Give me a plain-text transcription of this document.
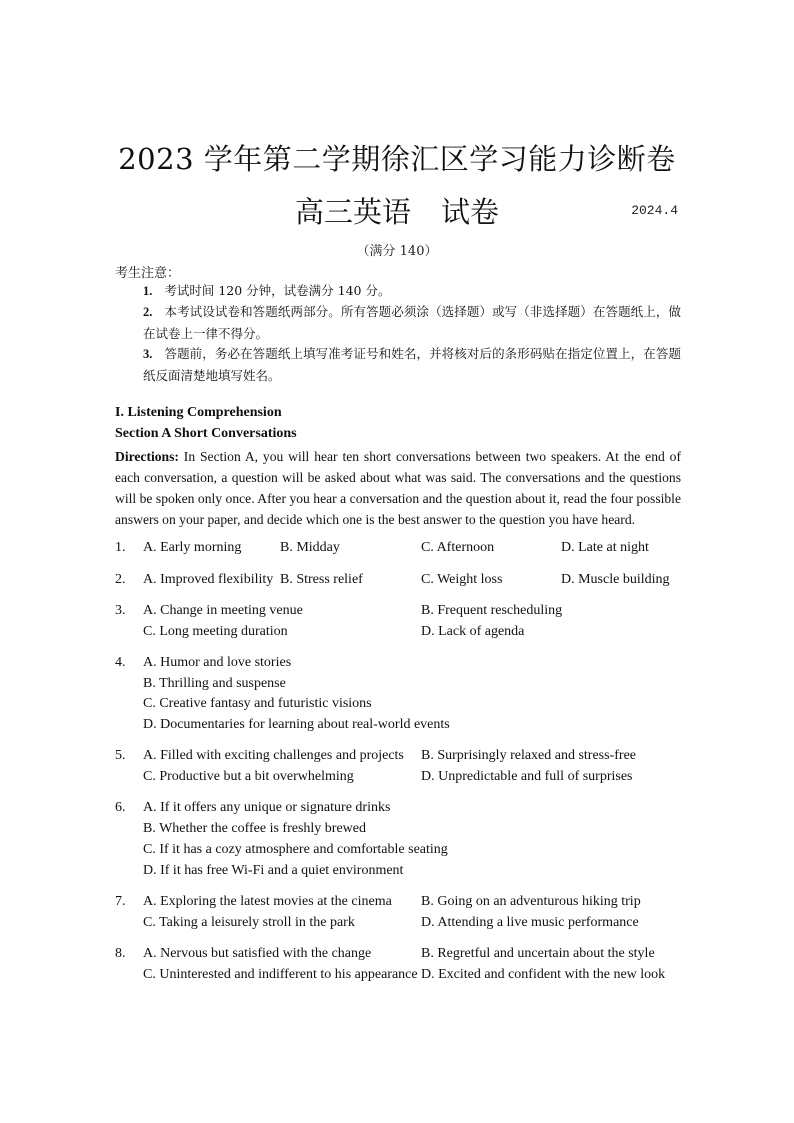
2023 学年第二学期徐汇区学习能力诊断卷
高三英语 试卷	2024.4
（满分 140）
考生注意：
1. 考试时间 120 分钟，试卷满分 140 分。
2. 本考试设试卷和答题纸两部分。所有答题必须涂（选择题）或写（非选择题）在答题纸上，做在试卷上一律不得分。
3. 答题前，务必在答题纸上填写准考证号和姓名，并将核对后的条形码贴在指定位置上，在答题纸反面清楚地填写姓名。
I. Listening Comprehension
Section A Short Conversations
Directions: In Section A, you will hear ten short conversations between two speakers. At the end of each conversation, a question will be asked about what was said. The conversations and the questions will be spoken only once. After you hear a conversation and the question about it, read the four possible answers on your paper, and decide which one is the best answer to the question you have heard.
1. A. Early morning	B. Midday	C. Afternoon	D. Late at night
2. A. Improved flexibility B. Stress relief	C. Weight loss	D. Muscle building
3. A. Change in meeting venue	B. Frequent rescheduling
C. Long meeting duration	D. Lack of agenda
4. A. Humor and love stories
B. Thrilling and suspense
C. Creative fantasy and futuristic visions
D. Documentaries for learning about real-world events
5. A. Filled with exciting challenges and projects B. Surprisingly relaxed and stress-free
C. Productive but a bit overwhelming	D. Unpredictable and full of surprises
6. A. If it offers any unique or signature drinks
B. Whether the coffee is freshly brewed
C. If it has a cozy atmosphere and comfortable seating
D. If it has free Wi-Fi and a quiet environment
7. A. Exploring the latest movies at the cinema B. Going on an adventurous hiking trip
C. Taking a leisurely stroll in the park	D. Attending a live music performance
8. A. Nervous but satisfied with the change	B. Regretful and uncertain about the style
C. Uninterested and indifferent to his appearance D. Excited and confident with the new look
